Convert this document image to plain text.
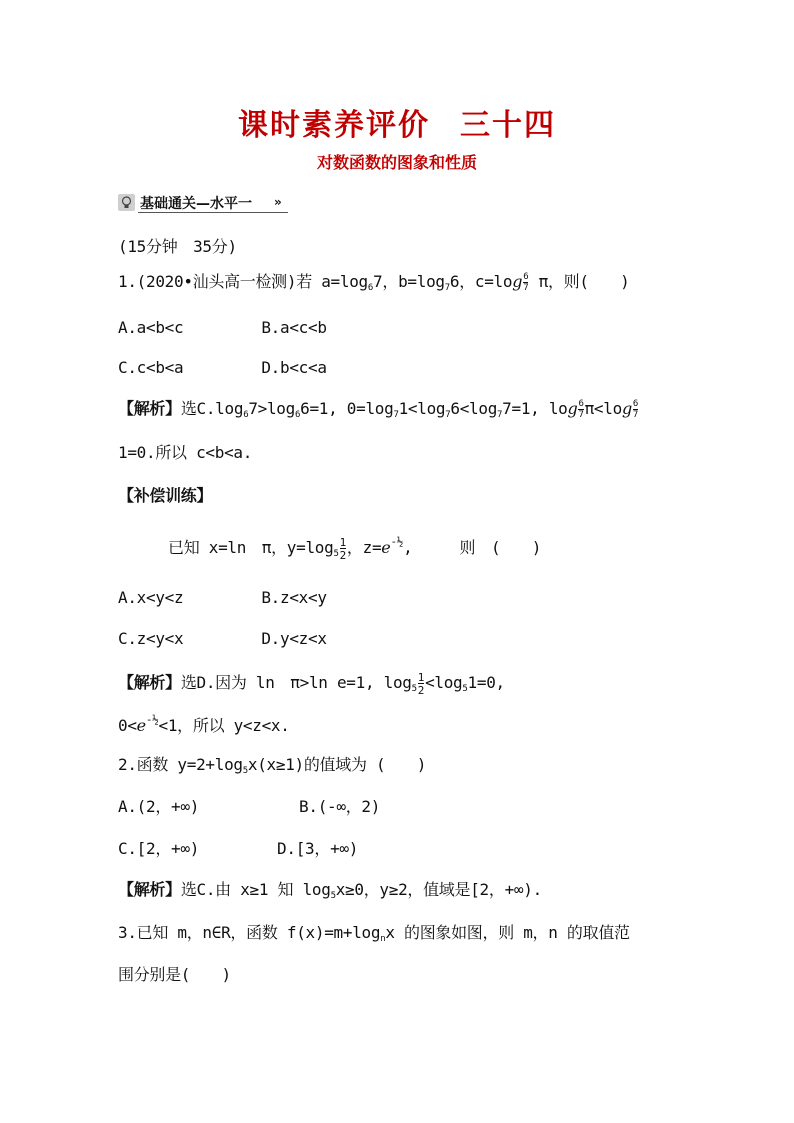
课时素养评价 三十四
对数函数的图象和性质
基础通关—水平一 »
(15分钟　35分)
1.(2020•汕头高一检测)若 $a=\log_67$，$b=\log_76$，$c=\log \frac{6}{7}$ π，则(　　)
A.a<b<c	B.a<c<b
C.c<b<a	D.b<c<a
【解析】选$C.\log_67>\log_66=1$, $0=\log_71<\log_76<\log_77=1$, $\log \frac{6}{7} \pi<\log \frac{6}{7}$
1=0.所以 c<b<a.
【补偿训练】
已知 x=ln　π，$y=\log_5 \frac{1}{2}$ ，$z=e^{-\frac{1}{2}}$,　　　则　(　　)
A.x<y<z	B.z<x<y
C.z<y<x	D.y<z<x
【解析】选D.因为 ln　π>ln e=1, $\log_5 \frac{1}{2} <\log_51=0$,
$0<e^{-\frac{1}{2}}<1$，所以 y<z<x.
2.函数 $y=2+\log_5x(x\ge 1)$的值域为 (　　)
A.(2，+∞)	B.(-∞，2)
C.[2，+∞)	D.[3，+∞)
【解析】选C.由 x≥1 知 $\log_5x\ge 0$，y≥2，值域是[2，+∞).
3.已知 m，n∈R，函数 $f(x)=m+\log_nx$ 的图象如图，则 m，n 的取值范
围分别是(　　)
